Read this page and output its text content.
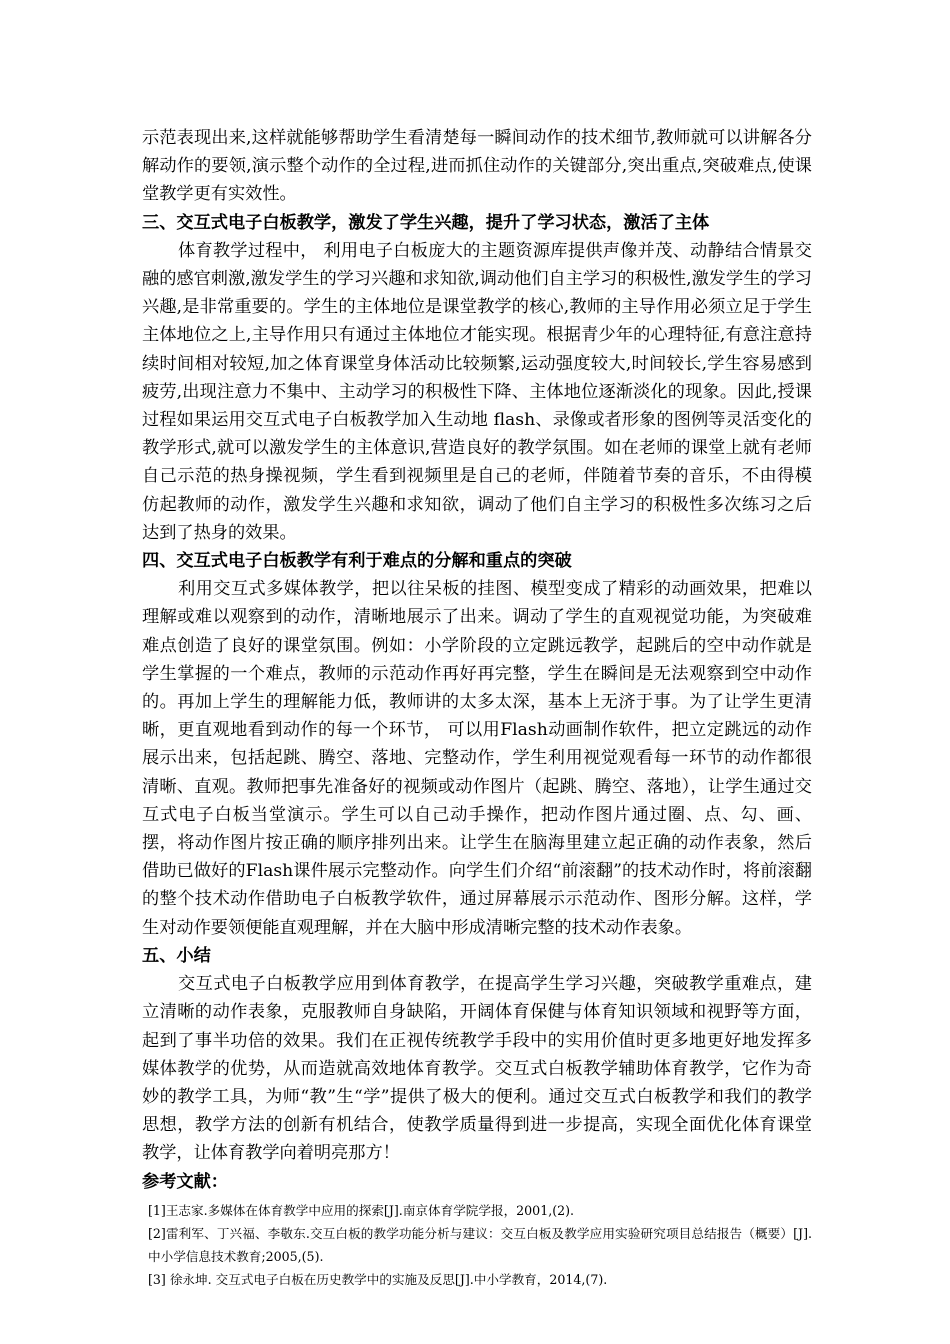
示范表现出来,这样就能够帮助学生看清楚每一瞬间动作的技术细节,教师就可以讲解各分解动作的要领,演示整个动作的全过程,进而抓住动作的关键部分,突出重点,突破难点,使课堂教学更有实效性。

三、交互式电子白板教学，激发了学生兴趣，提升了学习状态，激活了主体

体育教学过程中， 利用电子白板庞大的主题资源库提供声像并茂、动静结合情景交融的感官刺激,激发学生的学习兴趣和求知欲,调动他们自主学习的积极性,激发学生的学习兴趣,是非常重要的。学生的主体地位是课堂教学的核心,教师的主导作用必须立足于学生主体地位之上,主导作用只有通过主体地位才能实现。根据青少年的心理特征,有意注意持续时间相对较短,加之体育课堂身体活动比较频繁,运动强度较大,时间较长,学生容易感到疲劳,出现注意力不集中、主动学习的积极性下降、主体地位逐渐淡化的现象。因此,授课过程如果运用交互式电子白板教学加入生动地 flash、录像或者形象的图例等灵活变化的教学形式,就可以激发学生的主体意识,营造良好的教学氛围。如在老师的课堂上就有老师自己示范的热身操视频，学生看到视频里是自己的老师，伴随着节奏的音乐，不由得模仿起教师的动作，激发学生兴趣和求知欲，调动了他们自主学习的积极性多次练习之后达到了热身的效果。

四、交互式电子白板教学有利于难点的分解和重点的突破

利用交互式多媒体教学，把以往呆板的挂图、模型变成了精彩的动画效果，把难以理解或难以观察到的动作，清晰地展示了出来。调动了学生的直观视觉功能，为突破难难点创造了良好的课堂氛围。例如：小学阶段的立定跳远教学，起跳后的空中动作就是学生掌握的一个难点，教师的示范动作再好再完整，学生在瞬间是无法观察到空中动作的。再加上学生的理解能力低，教师讲的太多太深，基本上无济于事。为了让学生更清晰，更直观地看到动作的每一个环节， 可以用Flash动画制作软件，把立定跳远的动作展示出来，包括起跳、腾空、落地、完整动作，学生利用视觉观看每一环节的动作都很清晰、直观。教师把事先准备好的视频或动作图片（起跳、腾空、落地），让学生通过交互式电子白板当堂演示。学生可以自己动手操作，把动作图片通过圈、点、勾、画、摆，将动作图片按正确的顺序排列出来。让学生在脑海里建立起正确的动作表象，然后借助已做好的Flash课件展示完整动作。向学生们介绍“前滚翻”的技术动作时，将前滚翻的整个技术动作借助电子白板教学软件，通过屏幕展示示范动作、图形分解。这样，学生对动作要领便能直观理解，并在大脑中形成清晰完整的技术动作表象。

五、小结

交互式电子白板教学应用到体育教学，在提高学生学习兴趣，突破教学重难点，建立清晰的动作表象，克服教师自身缺陷，开阔体育保健与体育知识领域和视野等方面，起到了事半功倍的效果。我们在正视传统教学手段中的实用价值时更多地更好地发挥多媒体教学的优势，从而造就高效地体育教学。交互式白板教学辅助体育教学，它作为奇妙的教学工具，为师“教”生“学”提供了极大的便利。通过交互式白板教学和我们的教学思想，教学方法的创新有机结合，使教学质量得到进一步提高，实现全面优化体育课堂教学，让体育教学向着明亮那方！

参考文献：

[1]王志家.多媒体在体育教学中应用的探索[J].南京体育学院学报，2001,(2).

[2]雷利军、丁兴福、李敬东.交互白板的教学功能分析与建议：交互白板及教学应用实验研究项目总结报告（概要）[J].中小学信息技术教育;2005,(5).

[3] 徐永坤. 交互式电子白板在历史教学中的实施及反思[J].中小学教育，2014,(7).
